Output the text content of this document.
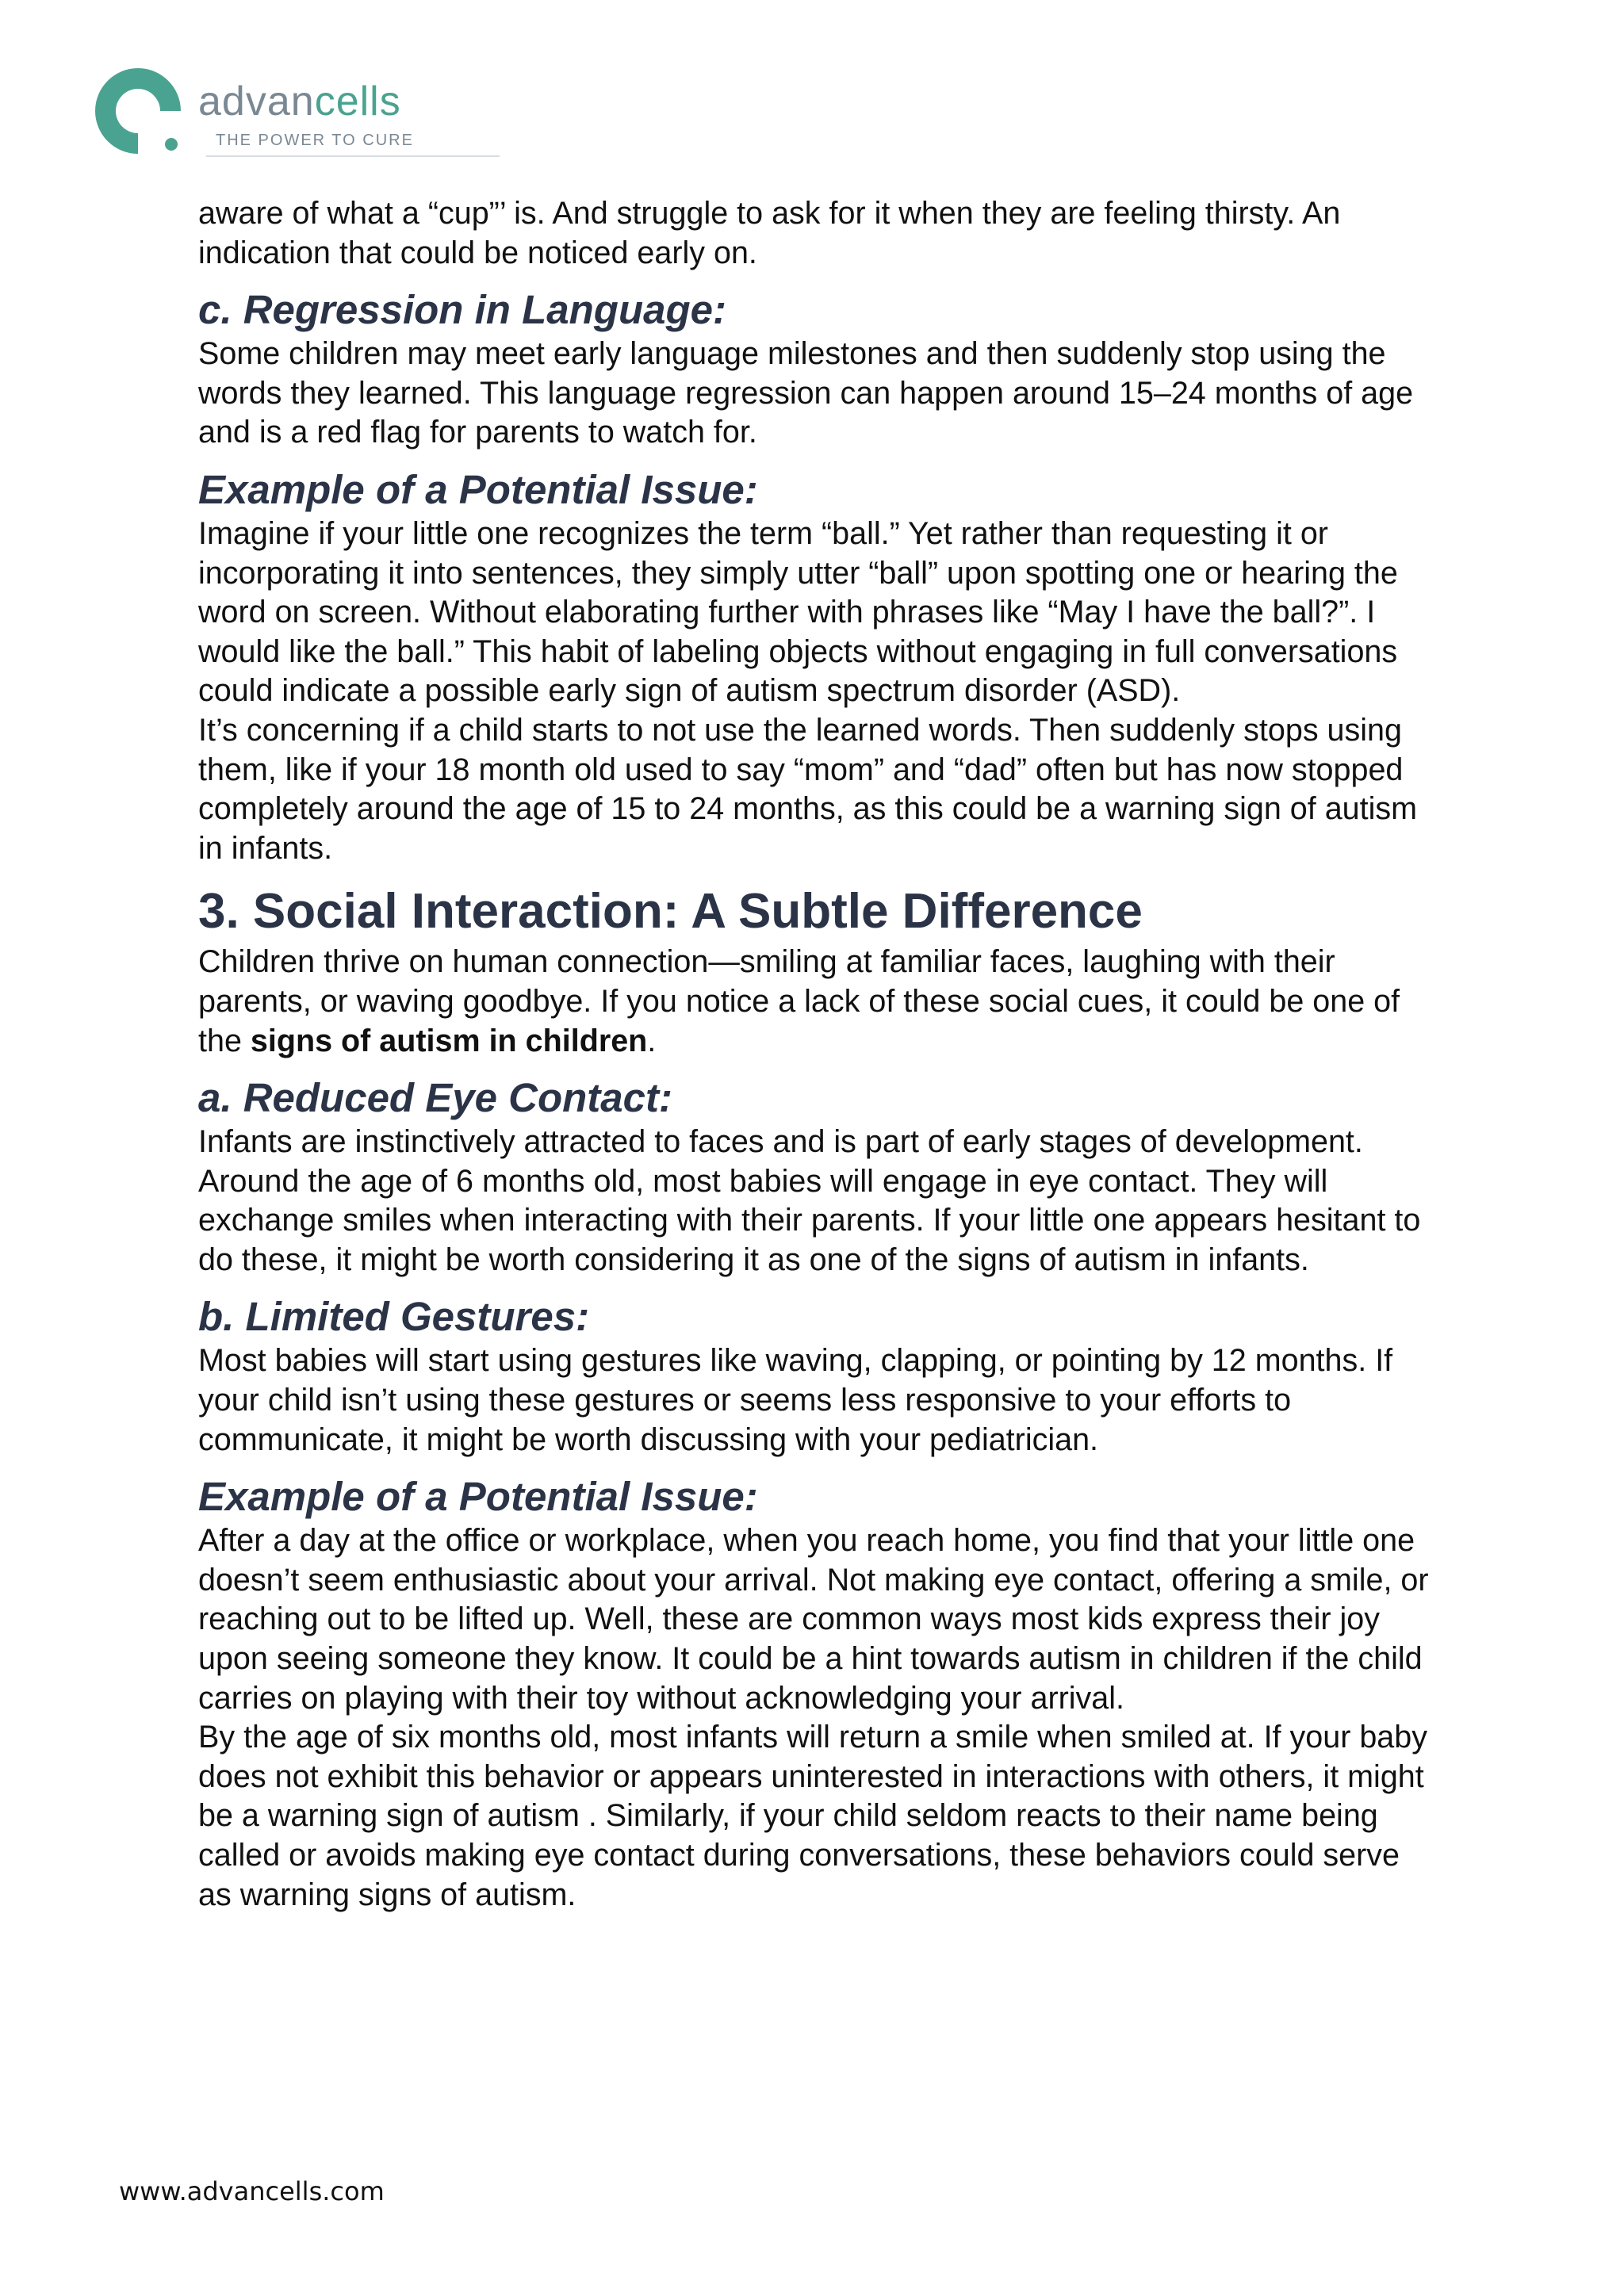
advancells
THE POWER TO CURE

aware of what a “cup”’ is. And struggle to ask for it when they are feeling thirsty. An indication that could be noticed early on.

c. Regression in Language:

Some children may meet early language milestones and then suddenly stop using the words they learned. This language regression can happen around 15–24 months of age and is a red flag for parents to watch for.

Example of a Potential Issue:

Imagine if your little one recognizes the term “ball.” Yet rather than requesting it or incorporating it into sentences, they simply utter “ball” upon spotting one or hearing the word on screen. Without elaborating further with phrases like “May I have the ball?”. I would like the ball.” This habit of labeling objects without engaging in full conversations could indicate a possible early sign of autism spectrum disorder (ASD).

It’s concerning if a child starts to not use the learned words. Then suddenly stops using them, like if your 18 month old used to say “mom” and “dad” often but has now stopped completely around the age of 15 to 24 months, as this could be a warning sign of autism in infants.

3. Social Interaction: A Subtle Difference

Children thrive on human connection—smiling at familiar faces, laughing with their parents, or waving goodbye. If you notice a lack of these social cues, it could be one of the signs of autism in children.

a. Reduced Eye Contact:

Infants are instinctively attracted to faces and is part of early stages of development. Around the age of 6 months old, most babies will engage in eye contact. They will exchange smiles when interacting with their parents. If your little one appears hesitant to do these, it might be worth considering it as one of the signs of autism in infants.

b. Limited Gestures:

Most babies will start using gestures like waving, clapping, or pointing by 12 months. If your child isn’t using these gestures or seems less responsive to your efforts to communicate, it might be worth discussing with your pediatrician.

Example of a Potential Issue:

After a day at the office or workplace, when you reach home, you find that your little one doesn’t seem enthusiastic about your arrival. Not making eye contact, offering a smile, or reaching out to be lifted up. Well, these are common ways most kids express their joy upon seeing someone they know. It could be a hint towards autism in children if the child carries on playing with their toy without acknowledging your arrival.

By the age of six months old, most infants will return a smile when smiled at. If your baby does not exhibit this behavior or appears uninterested in interactions with others, it might be a warning sign of autism . Similarly, if your child seldom reacts to their name being called or avoids making eye contact during conversations, these behaviors could serve as warning signs of autism.

www.advancells.com
